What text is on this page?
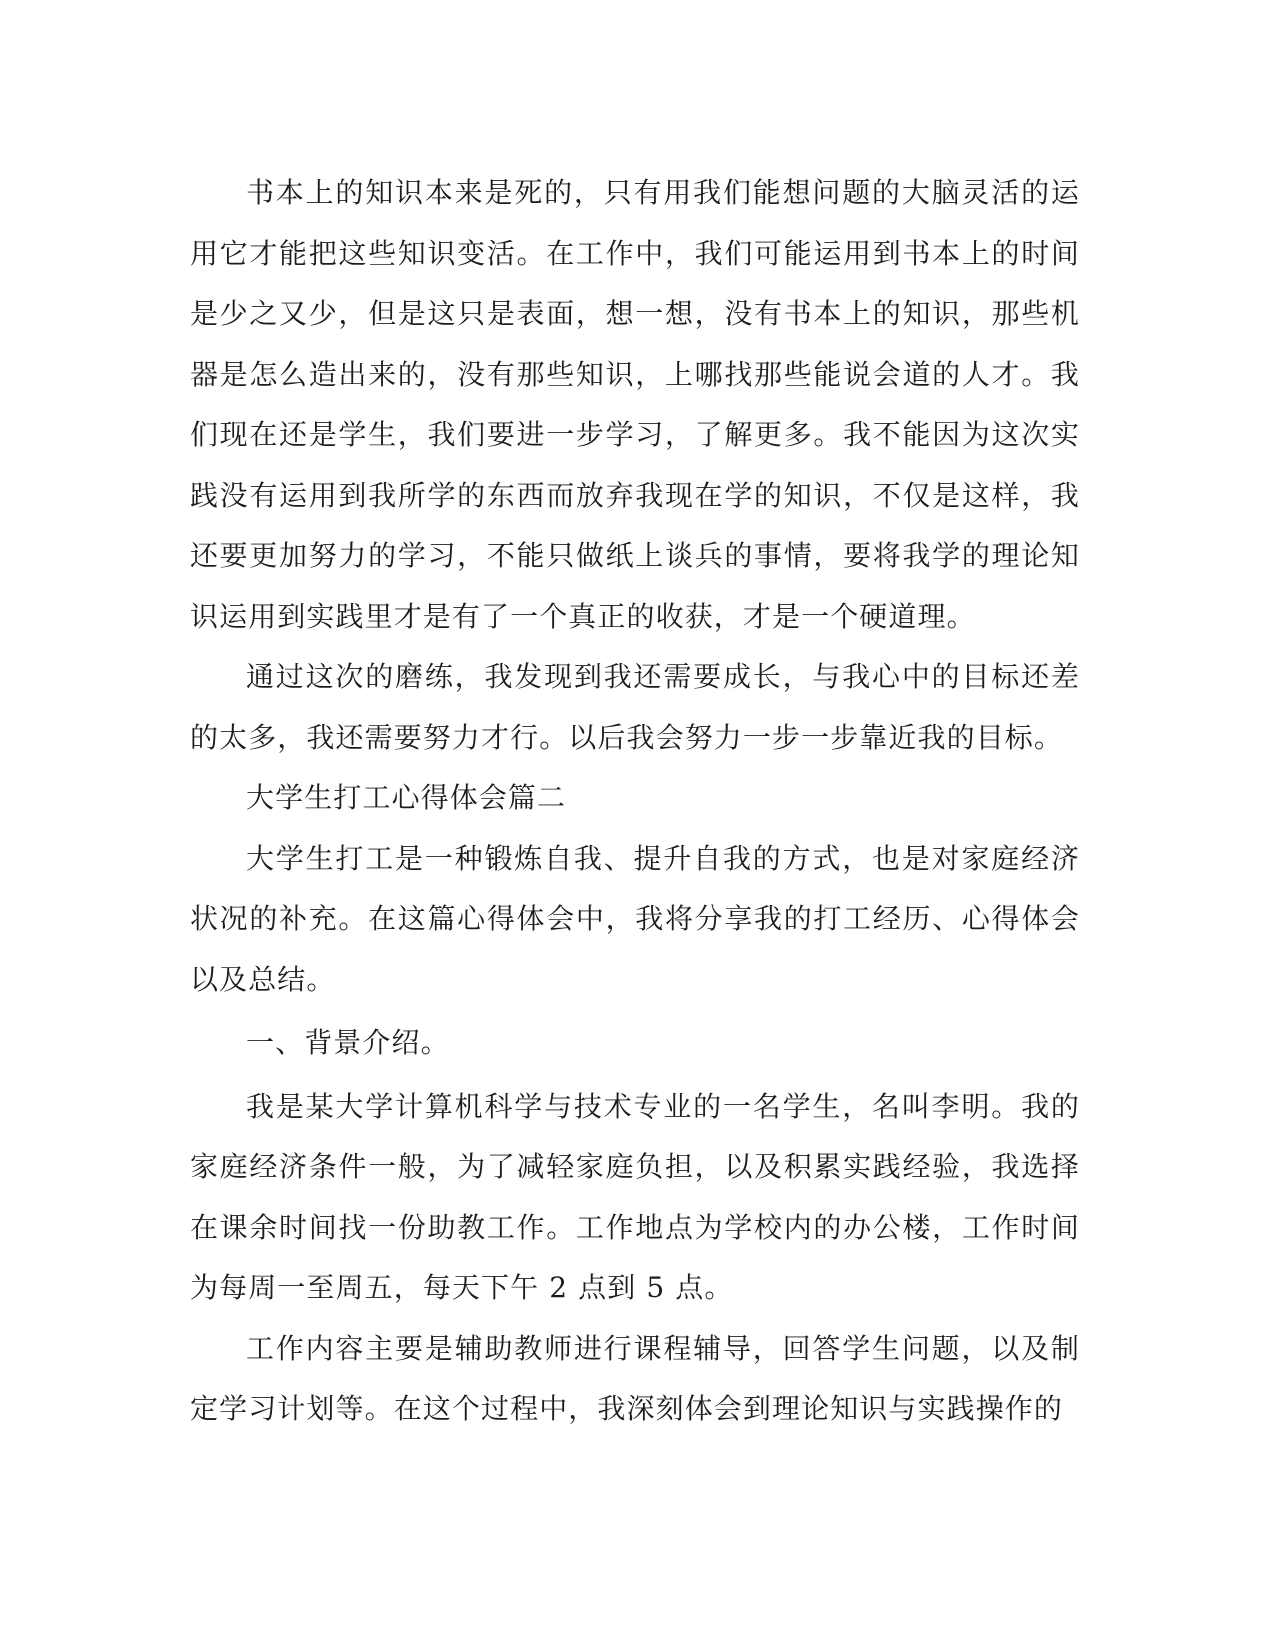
书本上的知识本来是死的，只有用我们能想问题的大脑灵活的运用它才能把这些知识变活。在工作中，我们可能运用到书本上的时间是少之又少，但是这只是表面，想一想，没有书本上的知识，那些机器是怎么造出来的，没有那些知识，上哪找那些能说会道的人才。我们现在还是学生，我们要进一步学习，了解更多。我不能因为这次实践没有运用到我所学的东西而放弃我现在学的知识，不仅是这样，我还要更加努力的学习，不能只做纸上谈兵的事情，要将我学的理论知识运用到实践里才是有了一个真正的收获，才是一个硬道理。

通过这次的磨练，我发现到我还需要成长，与我心中的目标还差的太多，我还需要努力才行。以后我会努力一步一步靠近我的目标。

大学生打工心得体会篇二

大学生打工是一种锻炼自我、提升自我的方式，也是对家庭经济状况的补充。在这篇心得体会中，我将分享我的打工经历、心得体会以及总结。

一、背景介绍。

我是某大学计算机科学与技术专业的一名学生，名叫李明。我的家庭经济条件一般，为了减轻家庭负担，以及积累实践经验，我选择在课余时间找一份助教工作。工作地点为学校内的办公楼，工作时间为每周一至周五，每天下午 2 点到 5 点。

工作内容主要是辅助教师进行课程辅导，回答学生问题，以及制定学习计划等。在这个过程中，我深刻体会到理论知识与实践操作的
